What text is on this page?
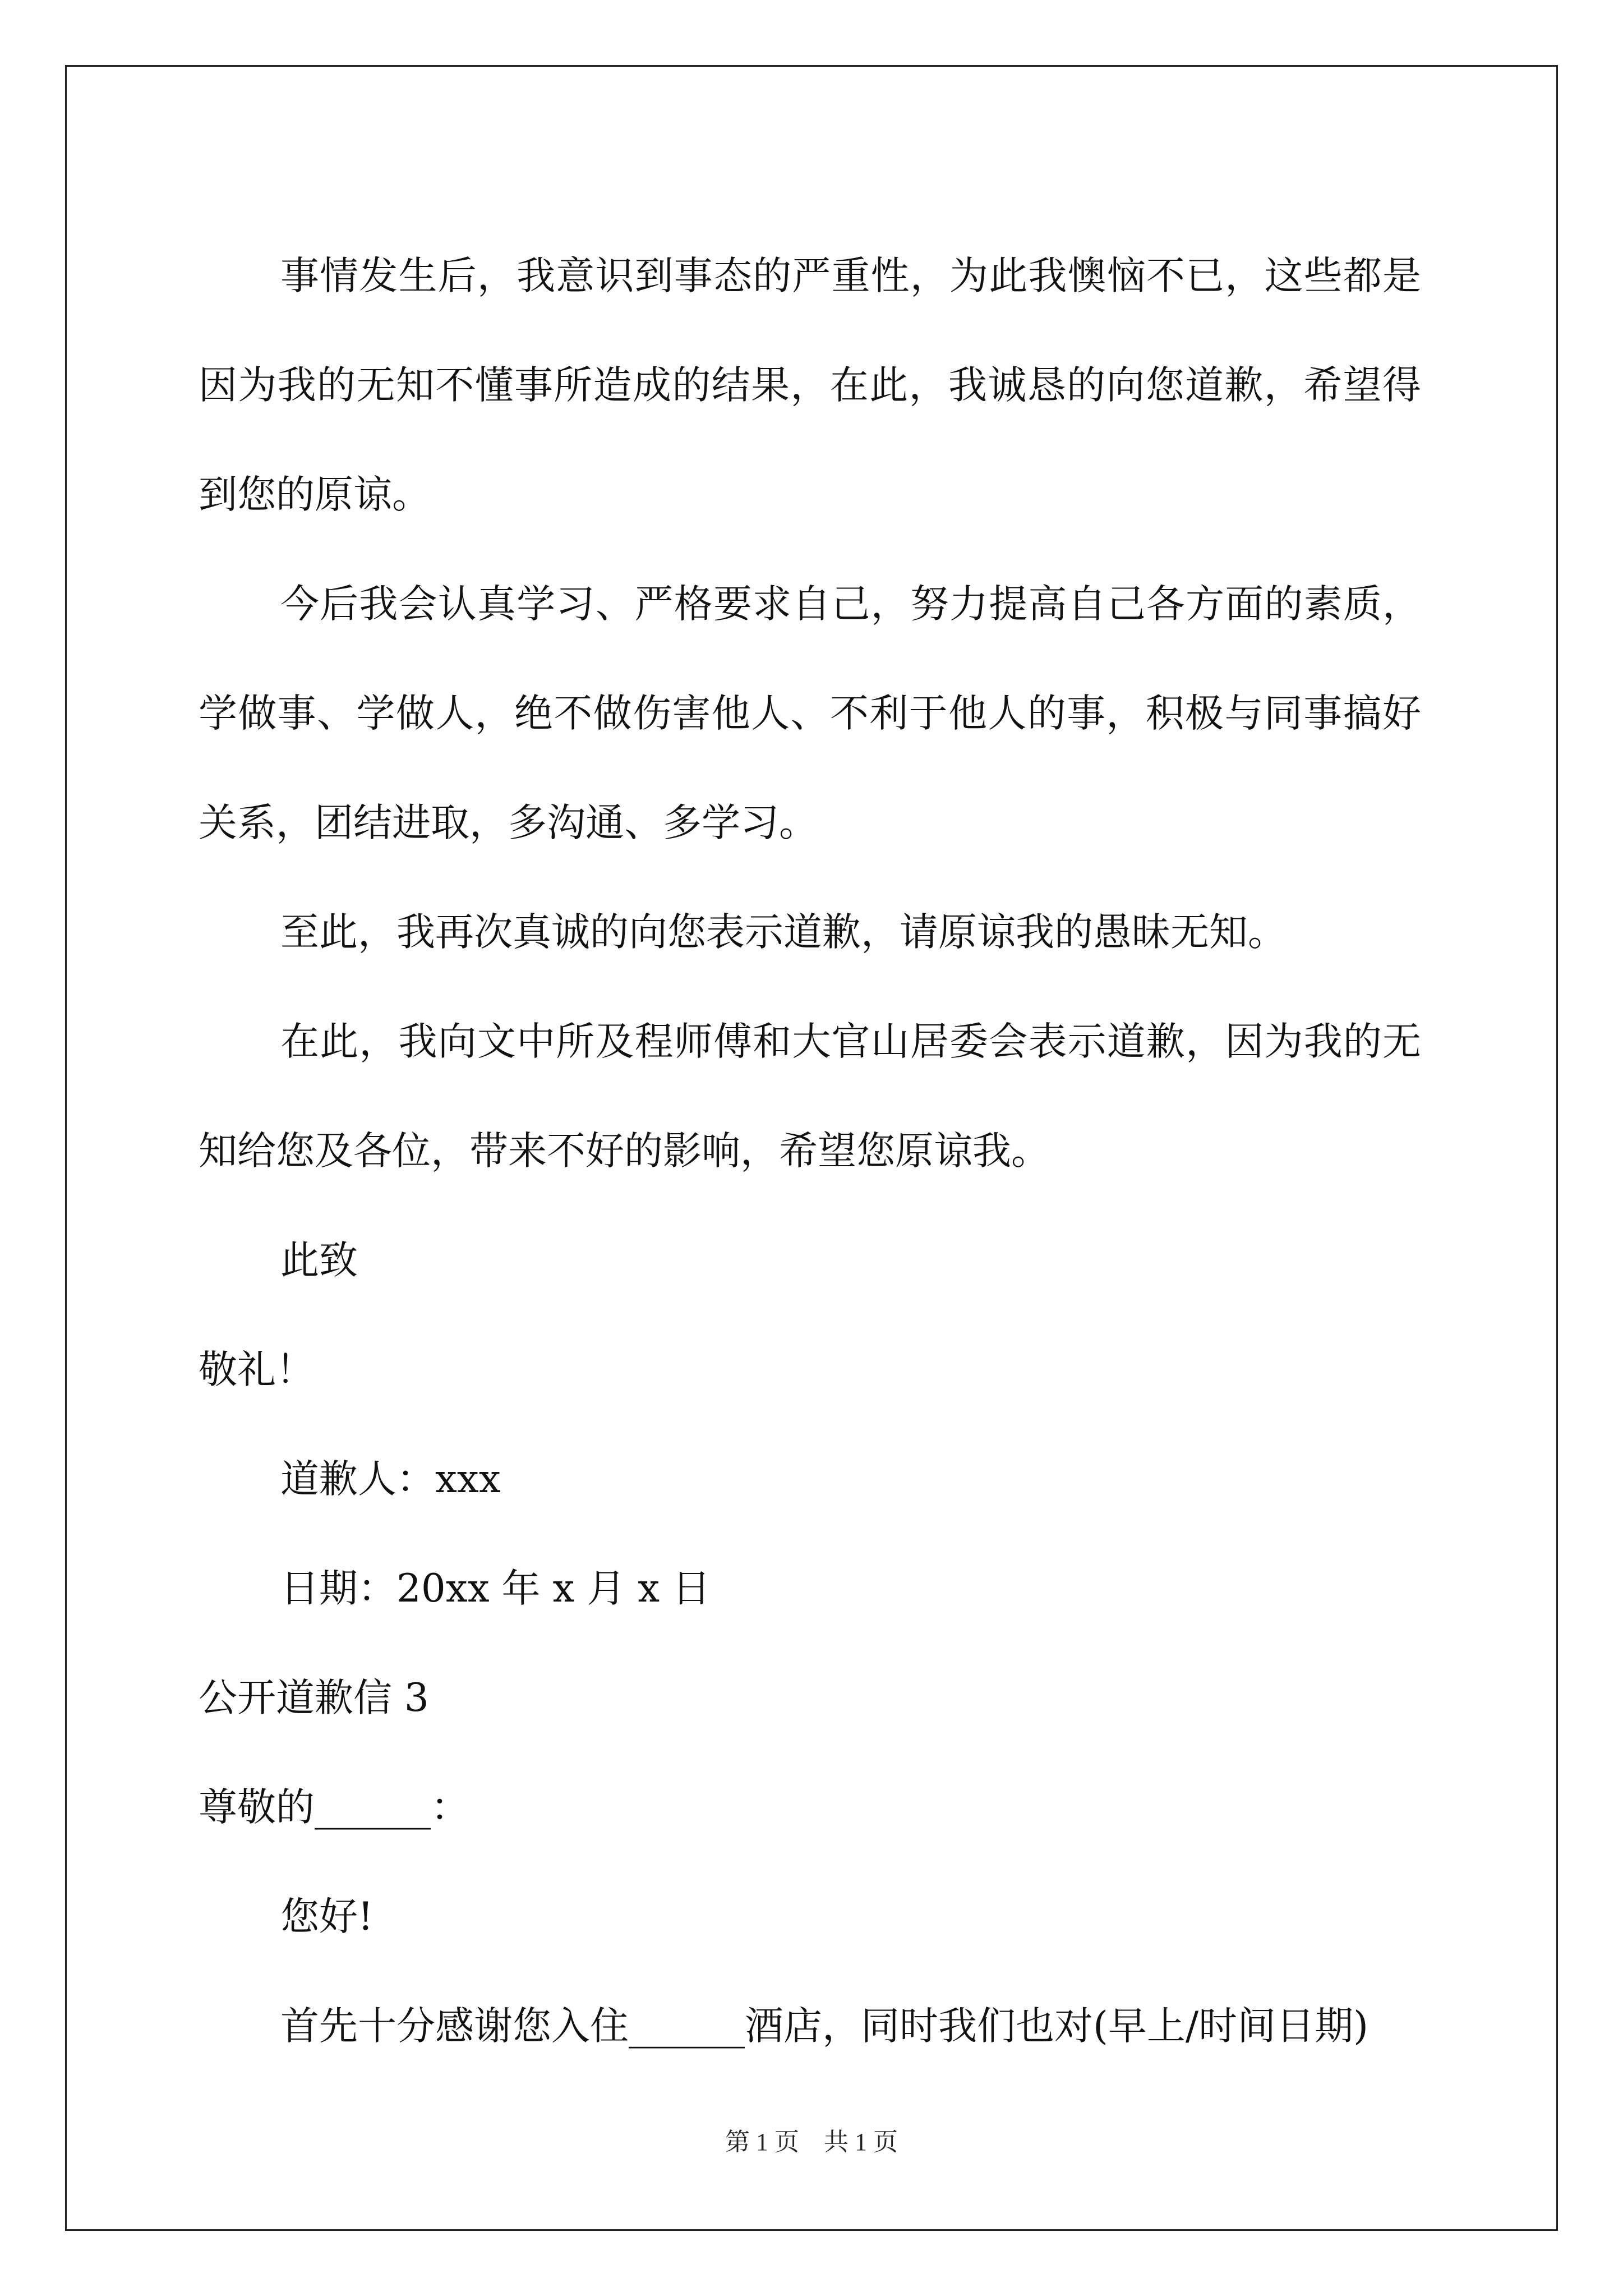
事情发生后，我意识到事态的严重性，为此我懊恼不已，这些都是因为我的无知不懂事所造成的结果，在此，我诚恳的向您道歉，希望得到您的原谅。

今后我会认真学习、严格要求自己，努力提高自己各方面的素质，学做事、学做人，绝不做伤害他人、不利于他人的事，积极与同事搞好关系，团结进取，多沟通、多学习。

至此，我再次真诚的向您表示道歉，请原谅我的愚昧无知。

在此，我向文中所及程师傅和大官山居委会表示道歉，因为我的无知给您及各位，带来不好的影响，希望您原谅我。

此致

敬礼！

道歉人：xxx

日期：20xx 年 x 月 x 日

公开道歉信 3

尊敬的______：

您好!

首先十分感谢您入住______酒店，同时我们也对(早上/时间日期)

第 1 页　共 1 页
